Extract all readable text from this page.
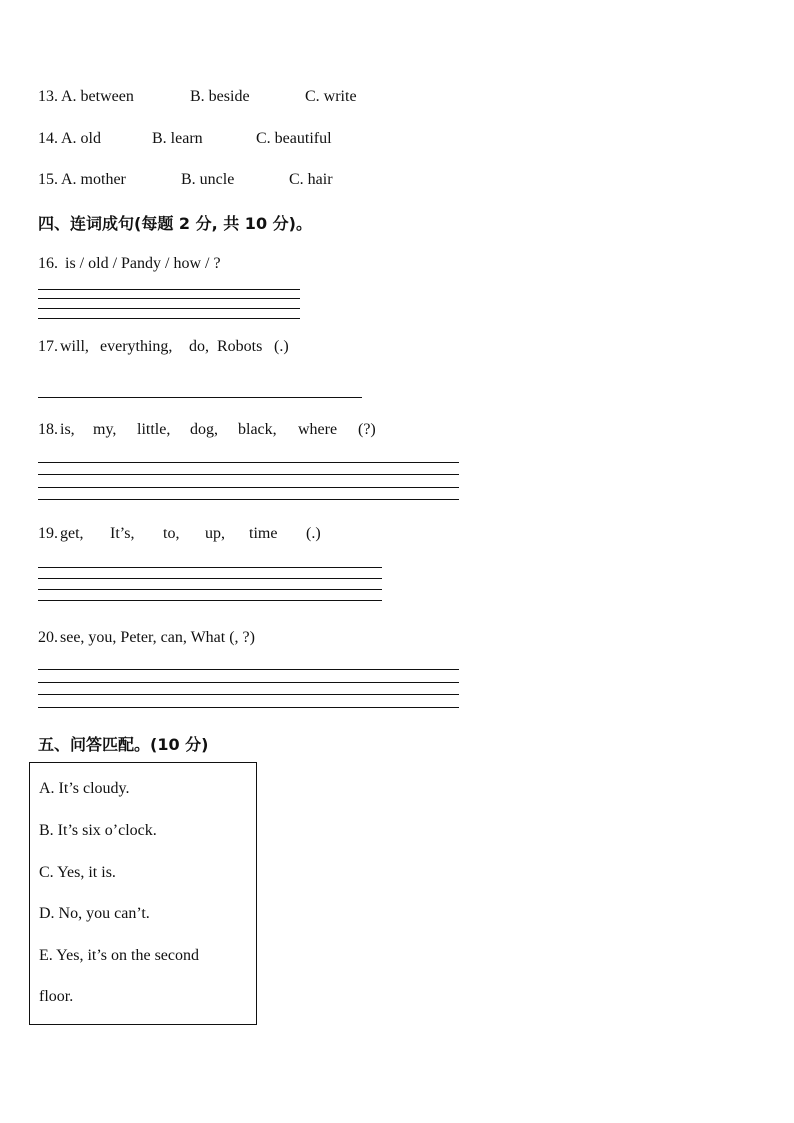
13. A. between	B. beside	C. write
14. A. old	B. learn	C. beautiful
15. A. mother	B. uncle	C. hair
四、连词成句(每题 2 分, 共 10 分)。
16. is / old / Pandy / how / ?
17. will, everything, do, Robots (.)
18. is, my, little, dog, black, where (?)
19. get, It’s, to, up, time (.)
20. see, you, Peter, can, What (, ?)
五、问答匹配。(10 分)
A. It’s cloudy.
B. It’s six o’clock.
C. Yes, it is.
D. No, you can’t.
E. Yes, it’s on the second
floor.
